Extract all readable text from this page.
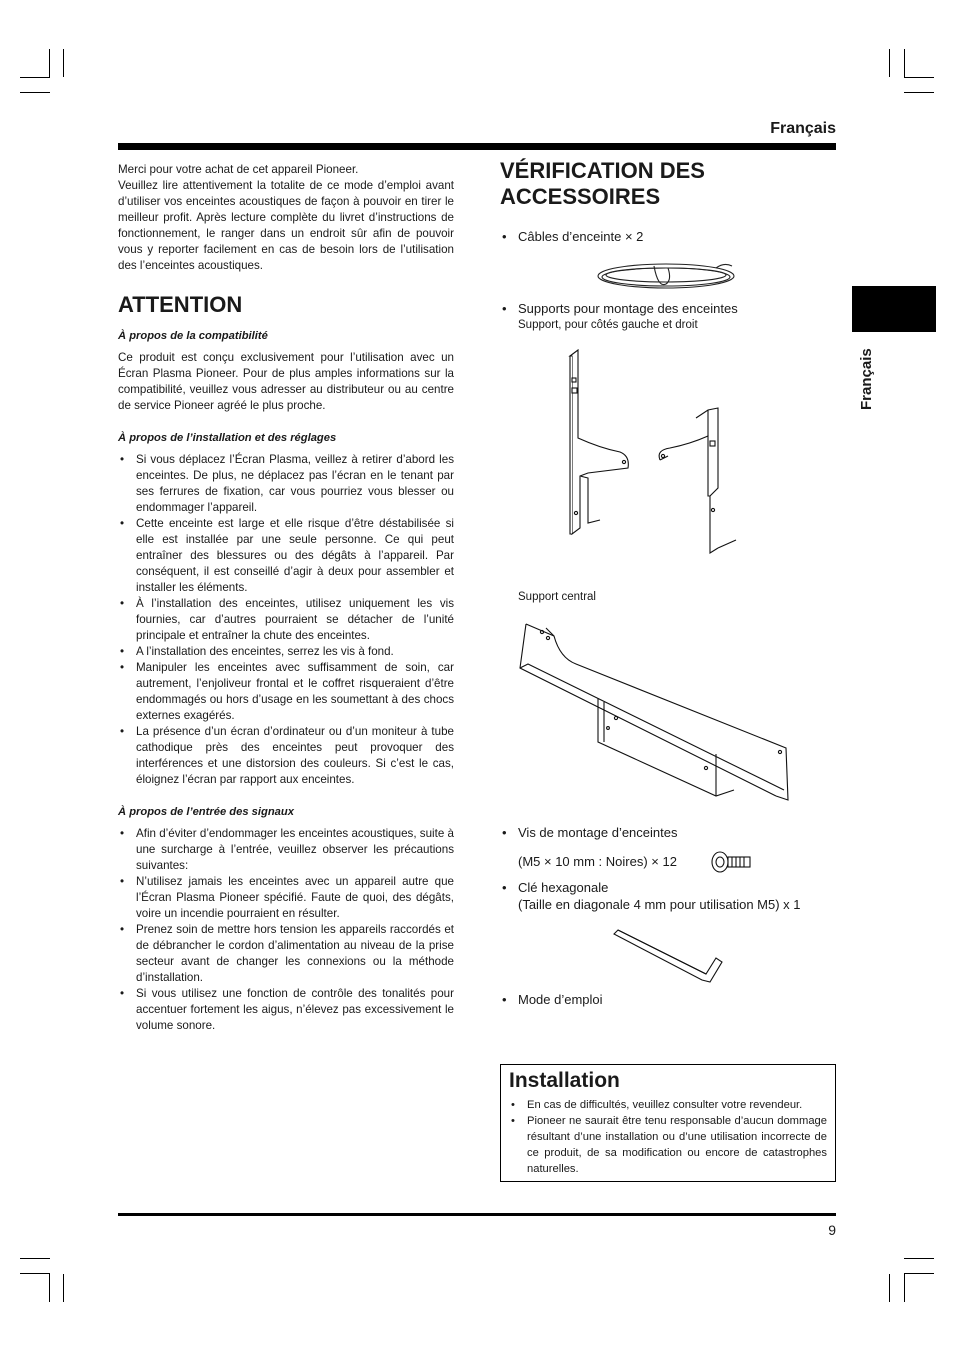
Français
Français

Merci pour votre achat de cet appareil Pioneer.

Veuillez lire attentivement la totalite de ce mode d’emploi avant d’utiliser vos enceintes acoustiques de façon à pouvoir en tirer le meilleur profit. Après lecture complète du livret d’instructions de fonctionnement, le ranger dans un endroit sûr afin de pouvoir vous y reporter facilement en cas de besoin lors de l’utilisation des l’enceintes acoustiques.

ATTENTION
À propos de la compatibilité

Ce produit est conçu exclusivement pour l’utilisation avec un Écran Plasma Pioneer. Pour de plus amples informations sur la compatibilité, veuillez vous adresser au distributeur ou au centre de service Pioneer agréé le plus proche.

À propos de l’installation et des réglages
• Si vous déplacez l’Écran Plasma, veillez à retirer d’abord les enceintes. De plus, ne déplacez pas l’écran en le tenant par ses ferrures de fixation, car vous pourriez vous blesser ou endommager l’appareil.
• Cette enceinte est large et elle risque d’être déstabilisée si elle est installée par une seule personne. Ce qui peut entraîner des blessures ou des dégâts à l’appareil. Par conséquent, il est conseillé d’agir à deux pour assembler et installer les éléments.
• À l’installation des enceintes, utilisez uniquement les vis fournies, car d’autres pourraient se détacher de l’unité principale et entraîner la chute des enceintes.
• A l’installation des enceintes, serrez les vis à fond.
• Manipuler les enceintes avec suffisamment de soin, car autrement, l’enjoliveur frontal et le coffret risqueraient d’être endommagés ou hors d’usage en les soumettant à des chocs externes exagérés.
• La présence d’un écran d’ordinateur ou d’un moniteur à tube cathodique près des enceintes peut provoquer des interférences et une distorsion des couleurs. Si c’est le cas, éloignez l’écran par rapport aux enceintes.
À propos de l’entrée des signaux
• Afin d’éviter d’endommager les enceintes acoustiques, suite à une surcharge à l’entrée, veuillez observer les précautions suivantes:
• N’utilisez jamais les enceintes avec un appareil autre que l’Écran Plasma Pioneer spécifié. Faute de quoi, des dégâts, voire un incendie pourraient en résulter.
• Prenez soin de mettre hors tension les appareils raccordés et de débrancher le cordon d’alimentation au niveau de la prise secteur avant de changer les connexions ou la méthode d’installation.
• Si vous utilisez une fonction de contrôle des tonalités pour accentuer fortement les aigus, n’élevez pas excessivement le volume sonore.
VÉRIFICATION DES
ACCESSOIRES
• Câbles d’enceinte × 2
• Supports pour montage des enceintes
Support, pour côtés gauche et droit
Support central
• Vis de montage d’enceintes
(M5 × 10 mm : Noires) × 12
• Clé hexagonale
(Taille en diagonale 4 mm pour utilisation M5) x 1
• Mode d’emploi
Installation
• En cas de difficultés, veuillez consulter votre revendeur.
• Pioneer ne saurait être tenu responsable d’aucun dommage résultant d’une installation ou d’une utilisation incorrecte de ce produit, de sa modification ou encore de catastrophes naturelles.
9
